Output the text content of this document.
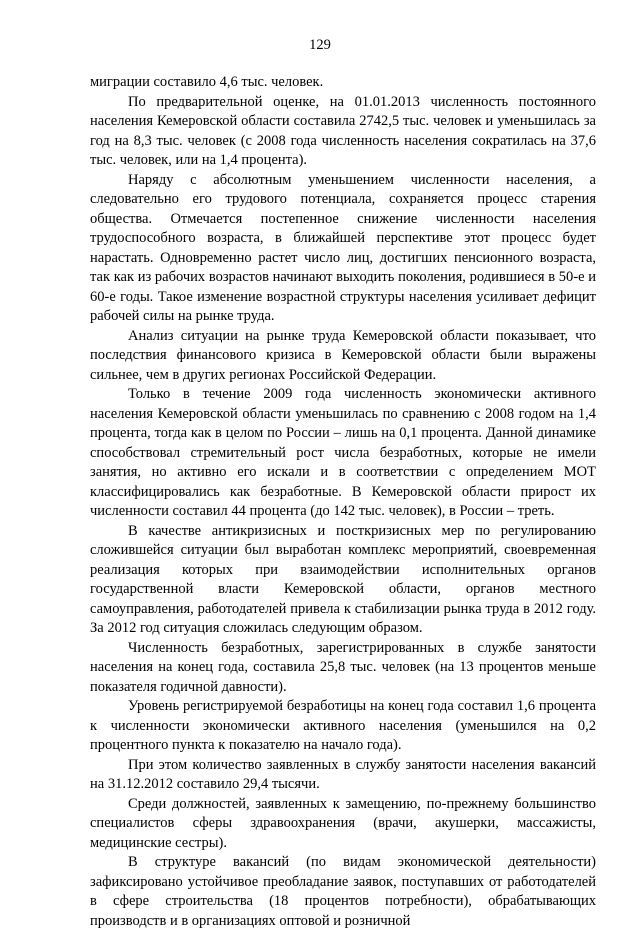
129

миграции составило 4,6 тыс. человек.

По предварительной оценке, на 01.01.2013 численность постоянного населения Кемеровской области составила 2742,5 тыс. человек и уменьшилась за год на 8,3 тыс. человек (с 2008 года численность населения сократилась на 37,6 тыс. человек, или на 1,4 процента).

Наряду с абсолютным уменьшением численности населения, а следовательно его трудового потенциала, сохраняется процесс старения общества. Отмечается постепенное снижение численности населения трудоспособного возраста, в ближайшей перспективе этот процесс будет нарастать. Одновременно растет число лиц, достигших пенсионного возраста, так как из рабочих возрастов начинают выходить поколения, родившиеся в 50-е и 60-е годы. Такое изменение возрастной структуры населения усиливает дефицит рабочей силы на рынке труда.

Анализ ситуации на рынке труда Кемеровской области показывает, что последствия финансового кризиса в Кемеровской области были выражены сильнее, чем в других регионах Российской Федерации.

Только в течение 2009 года численность экономически активного населения Кемеровской области уменьшилась по сравнению с 2008 годом на 1,4 процента, тогда как в целом по России – лишь на 0,1 процента. Данной динамике способствовал стремительный рост числа безработных, которые не имели занятия, но активно его искали и в соответствии с определением МОТ классифицировались как безработные. В Кемеровской области прирост их численности составил 44 процента (до 142 тыс. человек), в России – треть.

В качестве антикризисных и посткризисных мер по регулированию сложившейся ситуации был выработан комплекс мероприятий, своевременная реализация которых при взаимодействии исполнительных органов государственной власти Кемеровской области, органов местного самоуправления, работодателей привела к стабилизации рынка труда в 2012 году. За 2012 год ситуация сложилась следующим образом.

Численность безработных, зарегистрированных в службе занятости населения на конец года, составила 25,8 тыс. человек (на 13 процентов меньше показателя годичной давности).

Уровень регистрируемой безработицы на конец года составил 1,6 процента к численности экономически активного населения (уменьшился на 0,2 процентного пункта к показателю на начало года).

При этом количество заявленных в службу занятости населения вакансий на 31.12.2012 составило 29,4 тысячи.

Среди должностей, заявленных к замещению, по-прежнему большинство специалистов сферы здравоохранения (врачи, акушерки, массажисты, медицинские сестры).

В структуре вакансий (по видам экономической деятельности) зафиксировано устойчивое преобладание заявок, поступавших от работодателей в сфере строительства (18 процентов потребности), обрабатывающих производств и в организациях оптовой и розничной
